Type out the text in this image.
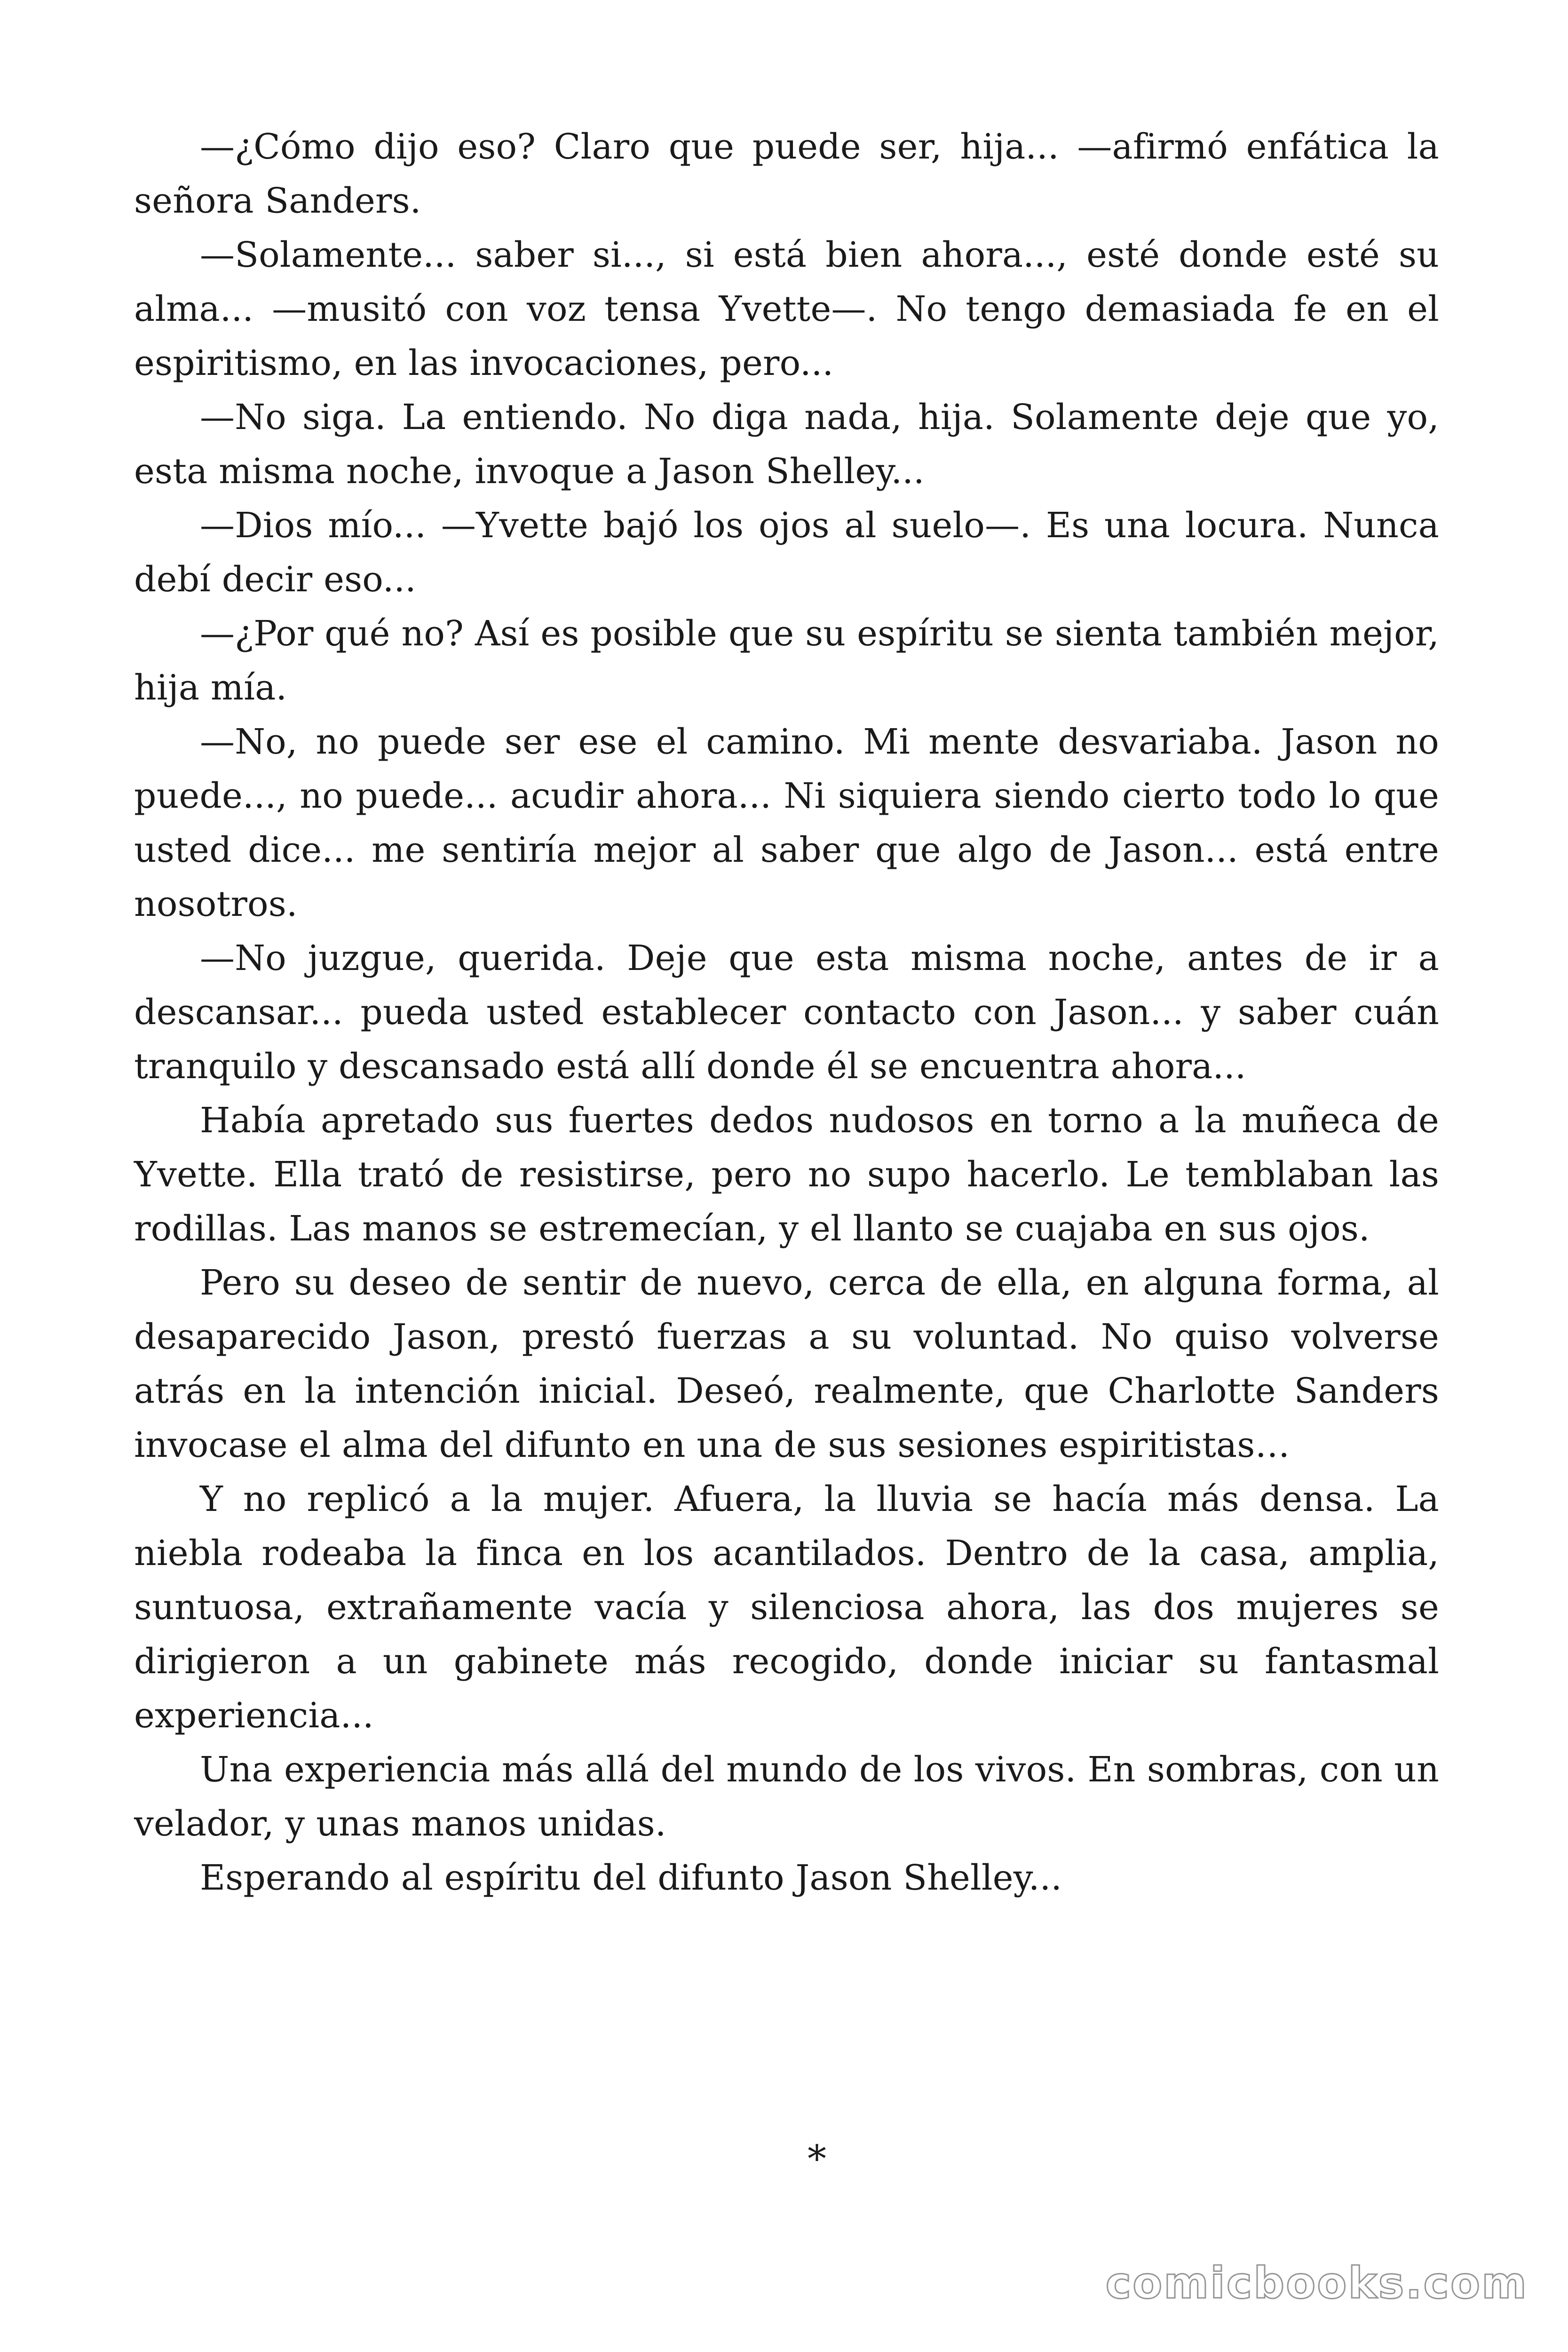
—¿Cómo dijo eso? Claro que puede ser, hija... —afirmó enfática la señora Sanders.

—Solamente... saber si..., si está bien ahora..., esté donde esté su alma... —musitó con voz tensa Yvette—. No tengo demasiada fe en el espiritismo, en las invocaciones, pero...

—No siga. La entiendo. No diga nada, hija. Solamente deje que yo, esta misma noche, invoque a Jason Shelley...

—Dios mío... —Yvette bajó los ojos al suelo—. Es una locura. Nunca debí decir eso...

—¿Por qué no? Así es posible que su espíritu se sienta también mejor, hija mía.

—No, no puede ser ese el camino. Mi mente desvariaba. Jason no puede..., no puede... acudir ahora... Ni siquiera siendo cierto todo lo que usted dice... me sentiría mejor al saber que algo de Jason... está entre nosotros.

—No juzgue, querida. Deje que esta misma noche, antes de ir a descansar... pueda usted establecer contacto con Jason... y saber cuán tranquilo y descansado está allí donde él se encuentra ahora...

Había apretado sus fuertes dedos nudosos en torno a la muñeca de Yvette. Ella trató de resistirse, pero no supo hacerlo. Le temblaban las rodillas. Las manos se estremecían, y el llanto se cuajaba en sus ojos.

Pero su deseo de sentir de nuevo, cerca de ella, en alguna forma, al desaparecido Jason, prestó fuerzas a su voluntad. No quiso volverse atrás en la intención inicial. Deseó, realmente, que Charlotte Sanders invocase el alma del difunto en una de sus sesiones espiritistas…

Y no replicó a la mujer. Afuera, la lluvia se hacía más densa. La niebla rodeaba la finca en los acantilados. Dentro de la casa, amplia, suntuosa, extrañamente vacía y silenciosa ahora, las dos mujeres se dirigieron a un gabinete más recogido, donde iniciar su fantasmal experiencia...

Una experiencia más allá del mundo de los vivos. En sombras, con un velador, y unas manos unidas.

Esperando al espíritu del difunto Jason Shelley...

*
comicbooks.com
